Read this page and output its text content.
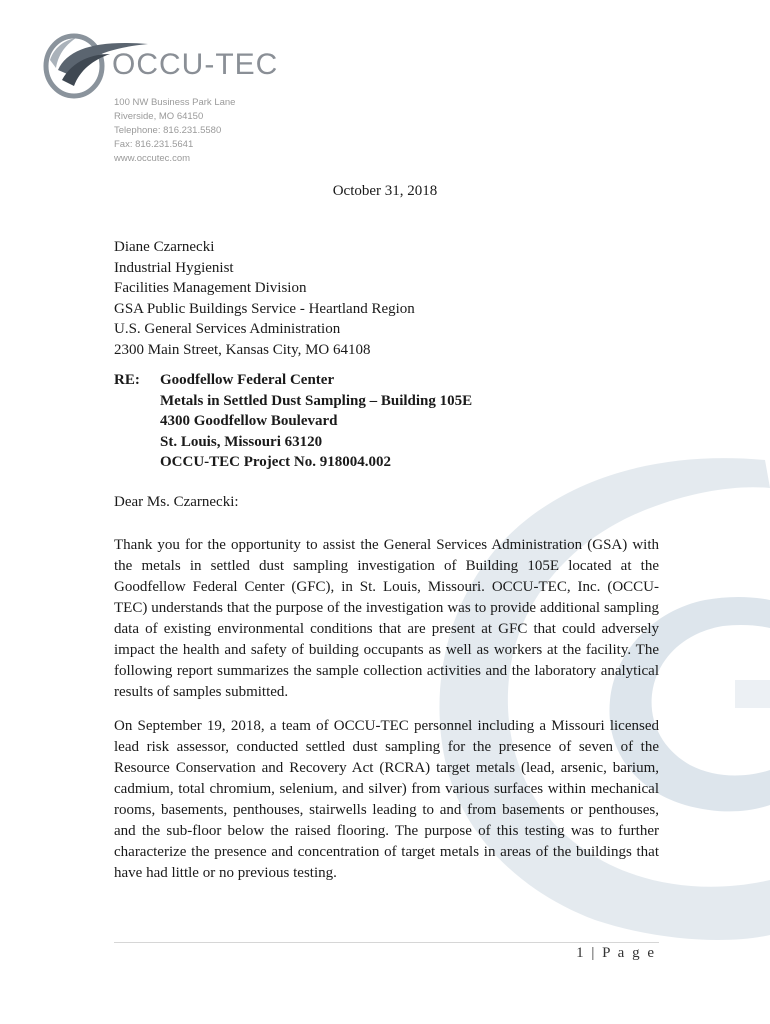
OCCU-TEC
100 NW Business Park Lane
Riverside, MO 64150
Telephone: 816.231.5580
Fax: 816.231.5641
www.occutec.com
October 31, 2018
Diane Czarnecki
Industrial Hygienist
Facilities Management Division
GSA Public Buildings Service - Heartland Region
U.S. General Services Administration
2300 Main Street, Kansas City, MO 64108
RE: Goodfellow Federal Center
Metals in Settled Dust Sampling – Building 105E
4300 Goodfellow Boulevard
St. Louis, Missouri 63120
OCCU-TEC Project No. 918004.002
Dear Ms. Czarnecki:

Thank you for the opportunity to assist the General Services Administration (GSA) with the metals in settled dust sampling investigation of Building 105E located at the Goodfellow Federal Center (GFC), in St. Louis, Missouri. OCCU-TEC, Inc. (OCCU-TEC) understands that the purpose of the investigation was to provide additional sampling data of existing environmental conditions that are present at GFC that could adversely impact the health and safety of building occupants as well as workers at the facility. The following report summarizes the sample collection activities and the laboratory analytical results of samples submitted.

On September 19, 2018, a team of OCCU-TEC personnel including a Missouri licensed lead risk assessor, conducted settled dust sampling for the presence of seven of the Resource Conservation and Recovery Act (RCRA) target metals (lead, arsenic, barium, cadmium, total chromium, selenium, and silver) from various surfaces within mechanical rooms, basements, penthouses, stairwells leading to and from basements or penthouses, and the sub-floor below the raised flooring. The purpose of this testing was to further characterize the presence and concentration of target metals in areas of the buildings that have had little or no previous testing.

1 | P a g e
